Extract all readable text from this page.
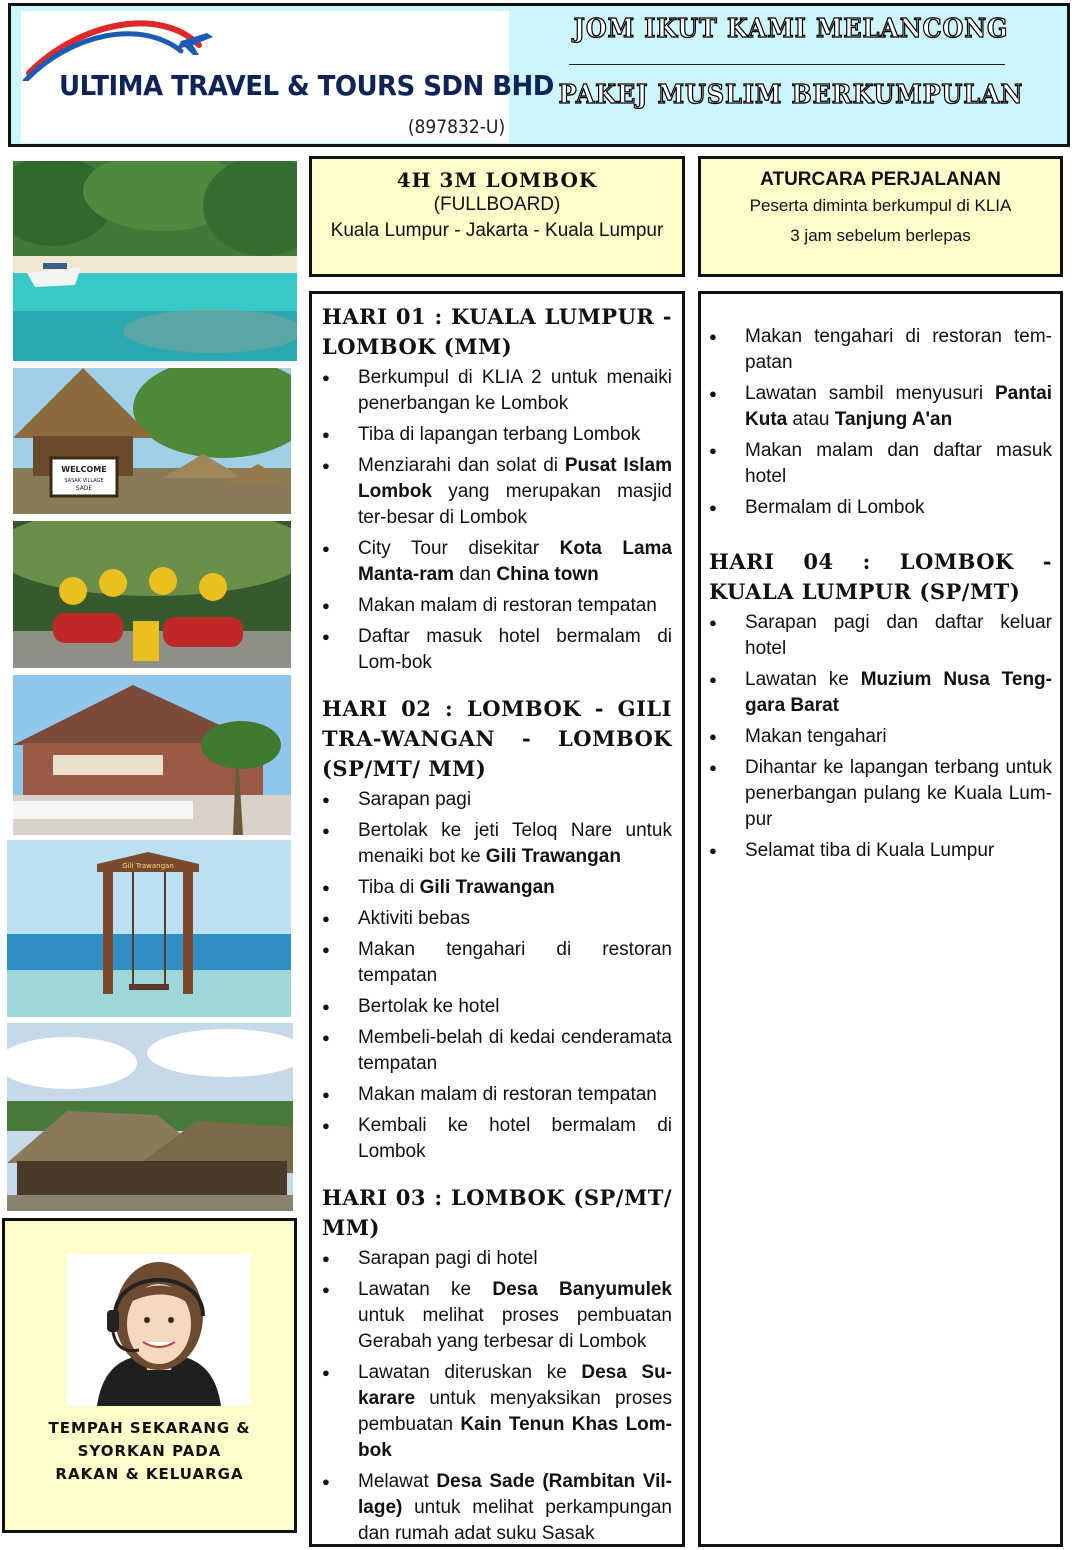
ULTIMA TRAVEL & TOURS SDN BHD
(897832-U)
JOM IKUT KAMI MELANCONG
PAKEJ MUSLIM BERKUMPULAN
WELCOME
SASAK VILLAGE
SADE
Gili Trawangan
TEMPAH SEKARANG &
SYORKAN PADA
RAKAN & KELUARGA
4H 3M LOMBOK
(FULLBOARD)
Kuala Lumpur - Jakarta - Kuala Lumpur
ATURCARA PERJALANAN
Peserta diminta berkumpul di KLIA
3 jam sebelum berlepas
HARI 01 : KUALA LUMPUR - LOMBOK (MM)
● Berkumpul di KLIA 2 untuk menaiki penerbangan ke Lombok
● Tiba di lapangan terbang Lombok
● Menziarahi dan solat di Pusat Islam Lombok yang merupakan masjid ter-besar di Lombok
● City Tour disekitar Kota Lama Manta-ram dan China town
● Makan malam di restoran tempatan
● Daftar masuk hotel bermalam di Lom-bok
HARI 02 : LOMBOK - GILI TRA-WANGAN - LOMBOK (SP/MT/ MM)
● Sarapan pagi
● Bertolak ke jeti Teloq Nare untuk menaiki bot ke Gili Trawangan
● Tiba di Gili Trawangan
● Aktiviti bebas
● Makan tengahari di restoran tempatan
● Bertolak ke hotel
● Membeli-belah di kedai cenderamata tempatan
● Makan malam di restoran tempatan
● Kembali ke hotel bermalam di Lombok
HARI 03 : LOMBOK (SP/MT/ MM)
● Sarapan pagi di hotel
● Lawatan ke Desa Banyumulek untuk melihat proses pembuatan Gerabah yang terbesar di Lombok
● Lawatan diteruskan ke Desa Su-karare untuk menyaksikan proses pembuatan Kain Tenun Khas Lom-bok
● Melawat Desa Sade (Rambitan Vil-lage) untuk melihat perkampungan dan rumah adat suku Sasak
● Makan tengahari di restoran tem-patan
● Lawatan sambil menyusuri Pantai Kuta atau Tanjung A'an
● Makan malam dan daftar masuk hotel
● Bermalam di Lombok
HARI 04 : LOMBOK - KUALA LUMPUR (SP/MT)
● Sarapan pagi dan daftar keluar hotel
● Lawatan ke Muzium Nusa Teng-gara Barat
● Makan tengahari
● Dihantar ke lapangan terbang untuk penerbangan pulang ke Kuala Lum-pur
● Selamat tiba di Kuala Lumpur
